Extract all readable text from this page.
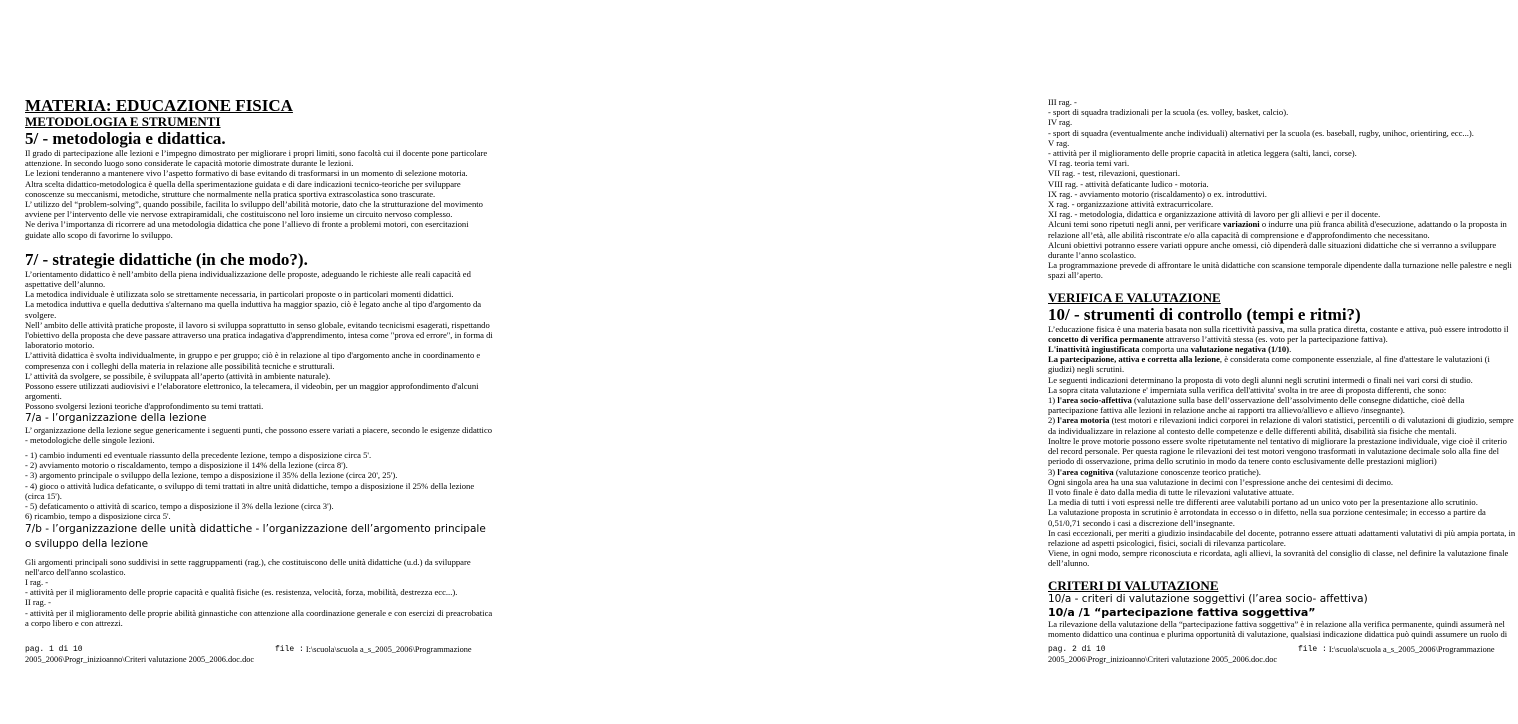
MATERIA: EDUCAZIONE FISICA
METODOLOGIA E STRUMENTI
5/ - metodologia e didattica.

Il grado di partecipazione alle lezioni e l’impegno dimostrato per migliorare i propri limiti, sono facoltà cui il docente pone particolare attenzione. In secondo luogo sono considerate le capacità motorie dimostrate durante le lezioni.

Le lezioni tenderanno a mantenere vivo l’aspetto formativo di base evitando di trasformarsi in un momento di selezione motoria.

Altra scelta didattico-metodologica è quella della sperimentazione guidata e di dare indicazioni tecnico-teoriche per sviluppare conoscenze su meccanismi, metodiche, strutture che normalmente nella pratica sportiva extrascolastica sono trascurate.

L’ utilizzo del “problem-solving”, quando possibile, facilita lo sviluppo dell’abilità motorie, dato che la strutturazione del movimento avviene per l’intervento delle vie nervose extrapiramidali, che costituiscono nel loro insieme un circuito nervoso complesso.

Ne deriva l’importanza di ricorrere ad una metodologia didattica che pone l’allievo di fronte a problemi motori, con esercitazioni guidate allo scopo di favorirne lo sviluppo.

7/ - strategie didattiche (in che modo?).

L’orientamento didattico è nell’ambito della piena individualizzazione delle proposte, adeguando le richieste alle reali capacità ed aspettative dell’alunno.

La metodica individuale è utilizzata solo se strettamente necessaria, in particolari proposte o in particolari momenti didattici.

La metodica induttiva e quella deduttiva s'alternano ma quella induttiva ha maggior spazio, ciò è legato anche al tipo d'argomento da svolgere.

Nell’ ambito delle attività pratiche proposte, il lavoro si sviluppa soprattutto in senso globale, evitando tecnicismi esagerati, rispettando l'obiettivo della proposta che deve passare attraverso una pratica indagativa d'apprendimento, intesa come "prova ed errore", in forma di laboratorio motorio.

L’attività didattica è svolta individualmente, in gruppo e per gruppo; ciò è in relazione al tipo d'argomento anche in coordinamento e compresenza con i colleghi della materia in relazione alle possibilità tecniche e strutturali.

L’ attività da svolgere, se possibile, è sviluppata all’aperto (attività in ambiente naturale).

Possono essere utilizzati audiovisivi e l’elaboratore elettronico, la telecamera, il videobin, per un maggior approfondimento d'alcuni argomenti.

Possono svolgersi lezioni teoriche d'approfondimento su temi trattati.

7/a - l’organizzazione della lezione

L’ organizzazione della lezione segue genericamente i seguenti punti, che possono essere variati a piacere, secondo le esigenze didattico - metodologiche delle singole lezioni.

- 1) cambio indumenti ed eventuale riassunto della precedente lezione, tempo a disposizione circa 5'.

- 2) avviamento motorio o riscaldamento, tempo a disposizione il 14% della lezione (circa 8').

- 3) argomento principale o sviluppo della lezione, tempo a disposizione il 35% della lezione (circa 20', 25').

- 4) gioco o attività ludica defaticante, o sviluppo di temi trattati in altre unità didattiche, tempo a disposizione il 25% della lezione (circa 15').

- 5) defaticamento o attività di scarico, tempo a disposizione il 3% della lezione (circa 3').

6) ricambio, tempo a disposizione circa 5'.

7/b - l’organizzazione delle unità didattiche - l’organizzazione dell’argomento principale o sviluppo della lezione

Gli argomenti principali sono suddivisi in sette raggruppamenti (rag.), che costituiscono delle unità didattiche (u.d.) da sviluppare nell'arco dell'anno scolastico.

I rag. -

- attività per il miglioramento delle proprie capacità e qualità fisiche (es. resistenza, velocità, forza, mobilità, destrezza ecc...).

II rag. -

- attività per il miglioramento delle proprie abilità ginnastiche con attenzione alla coordinazione generale e con esercizi di preacrobatica a corpo libero e con attrezzi.

pag. 1 di 10	file :
I:\scuola\scuola a_s_2005_2006\Programmazione
2005_2006\Progr_inizioanno\Criteri valutazione 2005_2006.doc.doc

III rag. -

- sport di squadra tradizionali per la scuola (es. volley, basket, calcio).

IV rag.

- sport di squadra (eventualmente anche individuali) alternativi per la scuola (es. baseball, rugby, unihoc, orientiring, ecc...).

V rag.

- attività per il miglioramento delle proprie capacità in atletica leggera (salti, lanci, corse).

VI rag. teoria temi vari.

VII rag. - test, rilevazioni, questionari.

VIII rag. - attività defaticante ludico - motoria.

IX rag. - avviamento motorio (riscaldamento) o ex. introduttivi.

X rag. - organizzazione attività extracurricolare.

XI rag. - metodologia, didattica e organizzazione attività di lavoro per gli allievi e per il docente.

Alcuni temi sono ripetuti negli anni, per verificare variazioni o indurre una più franca abilità d'esecuzione, adattando o la proposta in relazione all’età, alle abilità riscontrate e/o alla capacità di comprensione e d'approfondimento che necessitano.

Alcuni obiettivi potranno essere variati oppure anche omessi, ciò dipenderà dalle situazioni didattiche che si verranno a sviluppare durante l’anno scolastico.

La programmazione prevede di affrontare le unità didattiche con scansione temporale dipendente dalla turnazione nelle palestre e negli spazi all’aperto.

VERIFICA E VALUTAZIONE
10/ - strumenti di controllo (tempi e ritmi?)

L’educazione fisica è una materia basata non sulla ricettività passiva, ma sulla pratica diretta, costante e attiva, può essere introdotto il concetto di verifica permanente attraverso l’attività stessa (es. voto per la partecipazione fattiva).

L'inattività ingiustificata comporta una valutazione negativa (1/10).

La partecipazione, attiva e corretta alla lezione, è considerata come componente essenziale, al fine d'attestare le valutazioni (i giudizi) negli scrutini.

Le seguenti indicazioni determinano la proposta di voto degli alunni negli scrutini intermedi o finali nei vari corsi di studio.

La sopra citata valutazione e' imperniata sulla verifica dell'attivita' svolta in tre aree di proposta differenti, che sono:

1) l'area socio-affettiva (valutazione sulla base dell’osservazione dell’assolvimento delle consegne didattiche, cioè della partecipazione fattiva alle lezioni in relazione anche ai rapporti tra allievo/allievo e allievo /insegnante).

2) l'area motoria (test motori e rilevazioni indici corporei in relazione di valori statistici, percentili o di valutazioni di giudizio, sempre da individualizzare in relazione al contesto delle competenze e delle differenti abilità, disabilità sia fisiche che mentali.

Inoltre le prove motorie possono essere svolte ripetutamente nel tentativo di migliorare la prestazione individuale, vige cioè il criterio del record personale. Per questa ragione le rilevazioni dei test motori vengono trasformati in valutazione decimale solo alla fine del periodo di osservazione, prima dello scrutinio in modo da tenere conto esclusivamente delle prestazioni migliori)

3) l'area cognitiva (valutazione conoscenze teorico pratiche).

Ogni singola area ha una sua valutazione in decimi con l’espressione anche dei centesimi di decimo.

Il voto finale è dato dalla media di tutte le rilevazioni valutative attuate.

La media di tutti i voti espressi nelle tre differenti aree valutabili portano ad un unico voto per la presentazione allo scrutinio.

La valutazione proposta in scrutinio è arrotondata in eccesso o in difetto, nella sua porzione centesimale; in eccesso a partire da 0,51/0,71 secondo i casi a discrezione dell’insegnante.

In casi eccezionali, per meriti a giudizio insindacabile del docente, potranno essere attuati adattamenti valutativi di più ampia portata, in relazione ad aspetti psicologici, fisici, sociali di rilevanza particolare.

Viene, in ogni modo, sempre riconosciuta e ricordata, agli allievi, la sovranità del consiglio di classe, nel definire la valutazione finale dell’alunno.

CRITERI DI VALUTAZIONE
10/a - criteri di valutazione soggettivi (l’area socio- affettiva)
10/a /1 “partecipazione fattiva soggettiva”

La rilevazione della valutazione della “partecipazione fattiva soggettiva” è in relazione alla verifica permanente, quindi assumerà nel momento didattico una continua e plurima opportunità di valutazione, qualsiasi indicazione didattica può quindi assumere un ruolo di

pag. 2 di 10	file :
I:\scuola\scuola a_s_2005_2006\Programmazione
2005_2006\Progr_inizioanno\Criteri valutazione 2005_2006.doc.doc
